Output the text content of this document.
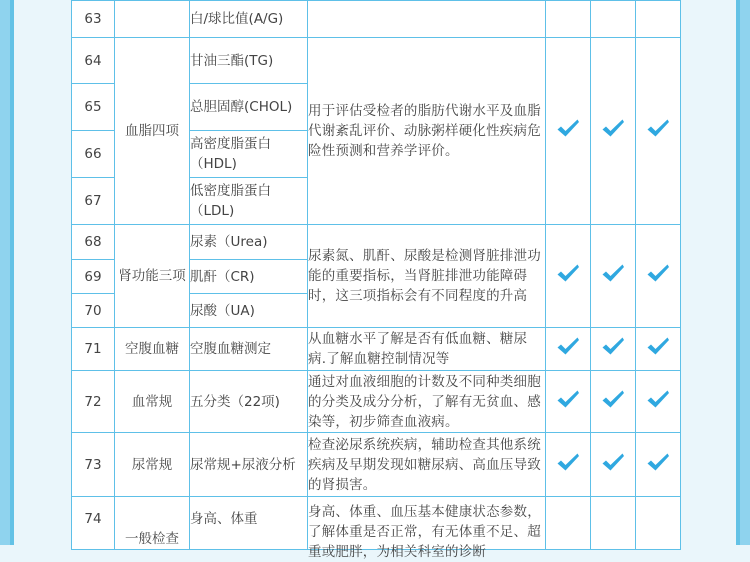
63		白/球比值(A/G)				
64	血脂四项	甘油三酯(TG)	用于评估受检者的脂肪代谢水平及血脂代谢紊乱评价、动脉粥样硬化性疾病危险性预测和营养学评价。			
65		总胆固醇(CHOL)				
66		高密度脂蛋白（HDL)				
67		低密度脂蛋白（LDL)				
68	肾功能三项	尿素（Urea)	尿素氮、肌酐、尿酸是检测肾脏排泄功能的重要指标，当肾脏排泄功能障碍时，这三项指标会有不同程度的升高			
69		肌酐（CR)				
70		尿酸（UA)				
71	空腹血糖	空腹血糖测定	从血糖水平了解是否有低血糖、糖尿病.了解血糖控制情况等			
72	血常规	五分类（22项)	通过对血液细胞的计数及不同种类细胞的分类及成分分析，了解有无贫血、感染等，初步筛查血液病。			
73	尿常规	尿常规+尿液分析	检查泌尿系统疾病，辅助检查其他系统疾病及早期发现如糖尿病、高血压导致的肾损害。			
74	一般检查	身高、体重	身高、体重、血压基本健康状态参数，了解体重是否正常，有无体重不足、超重或肥胖，为相关科室的诊断			
